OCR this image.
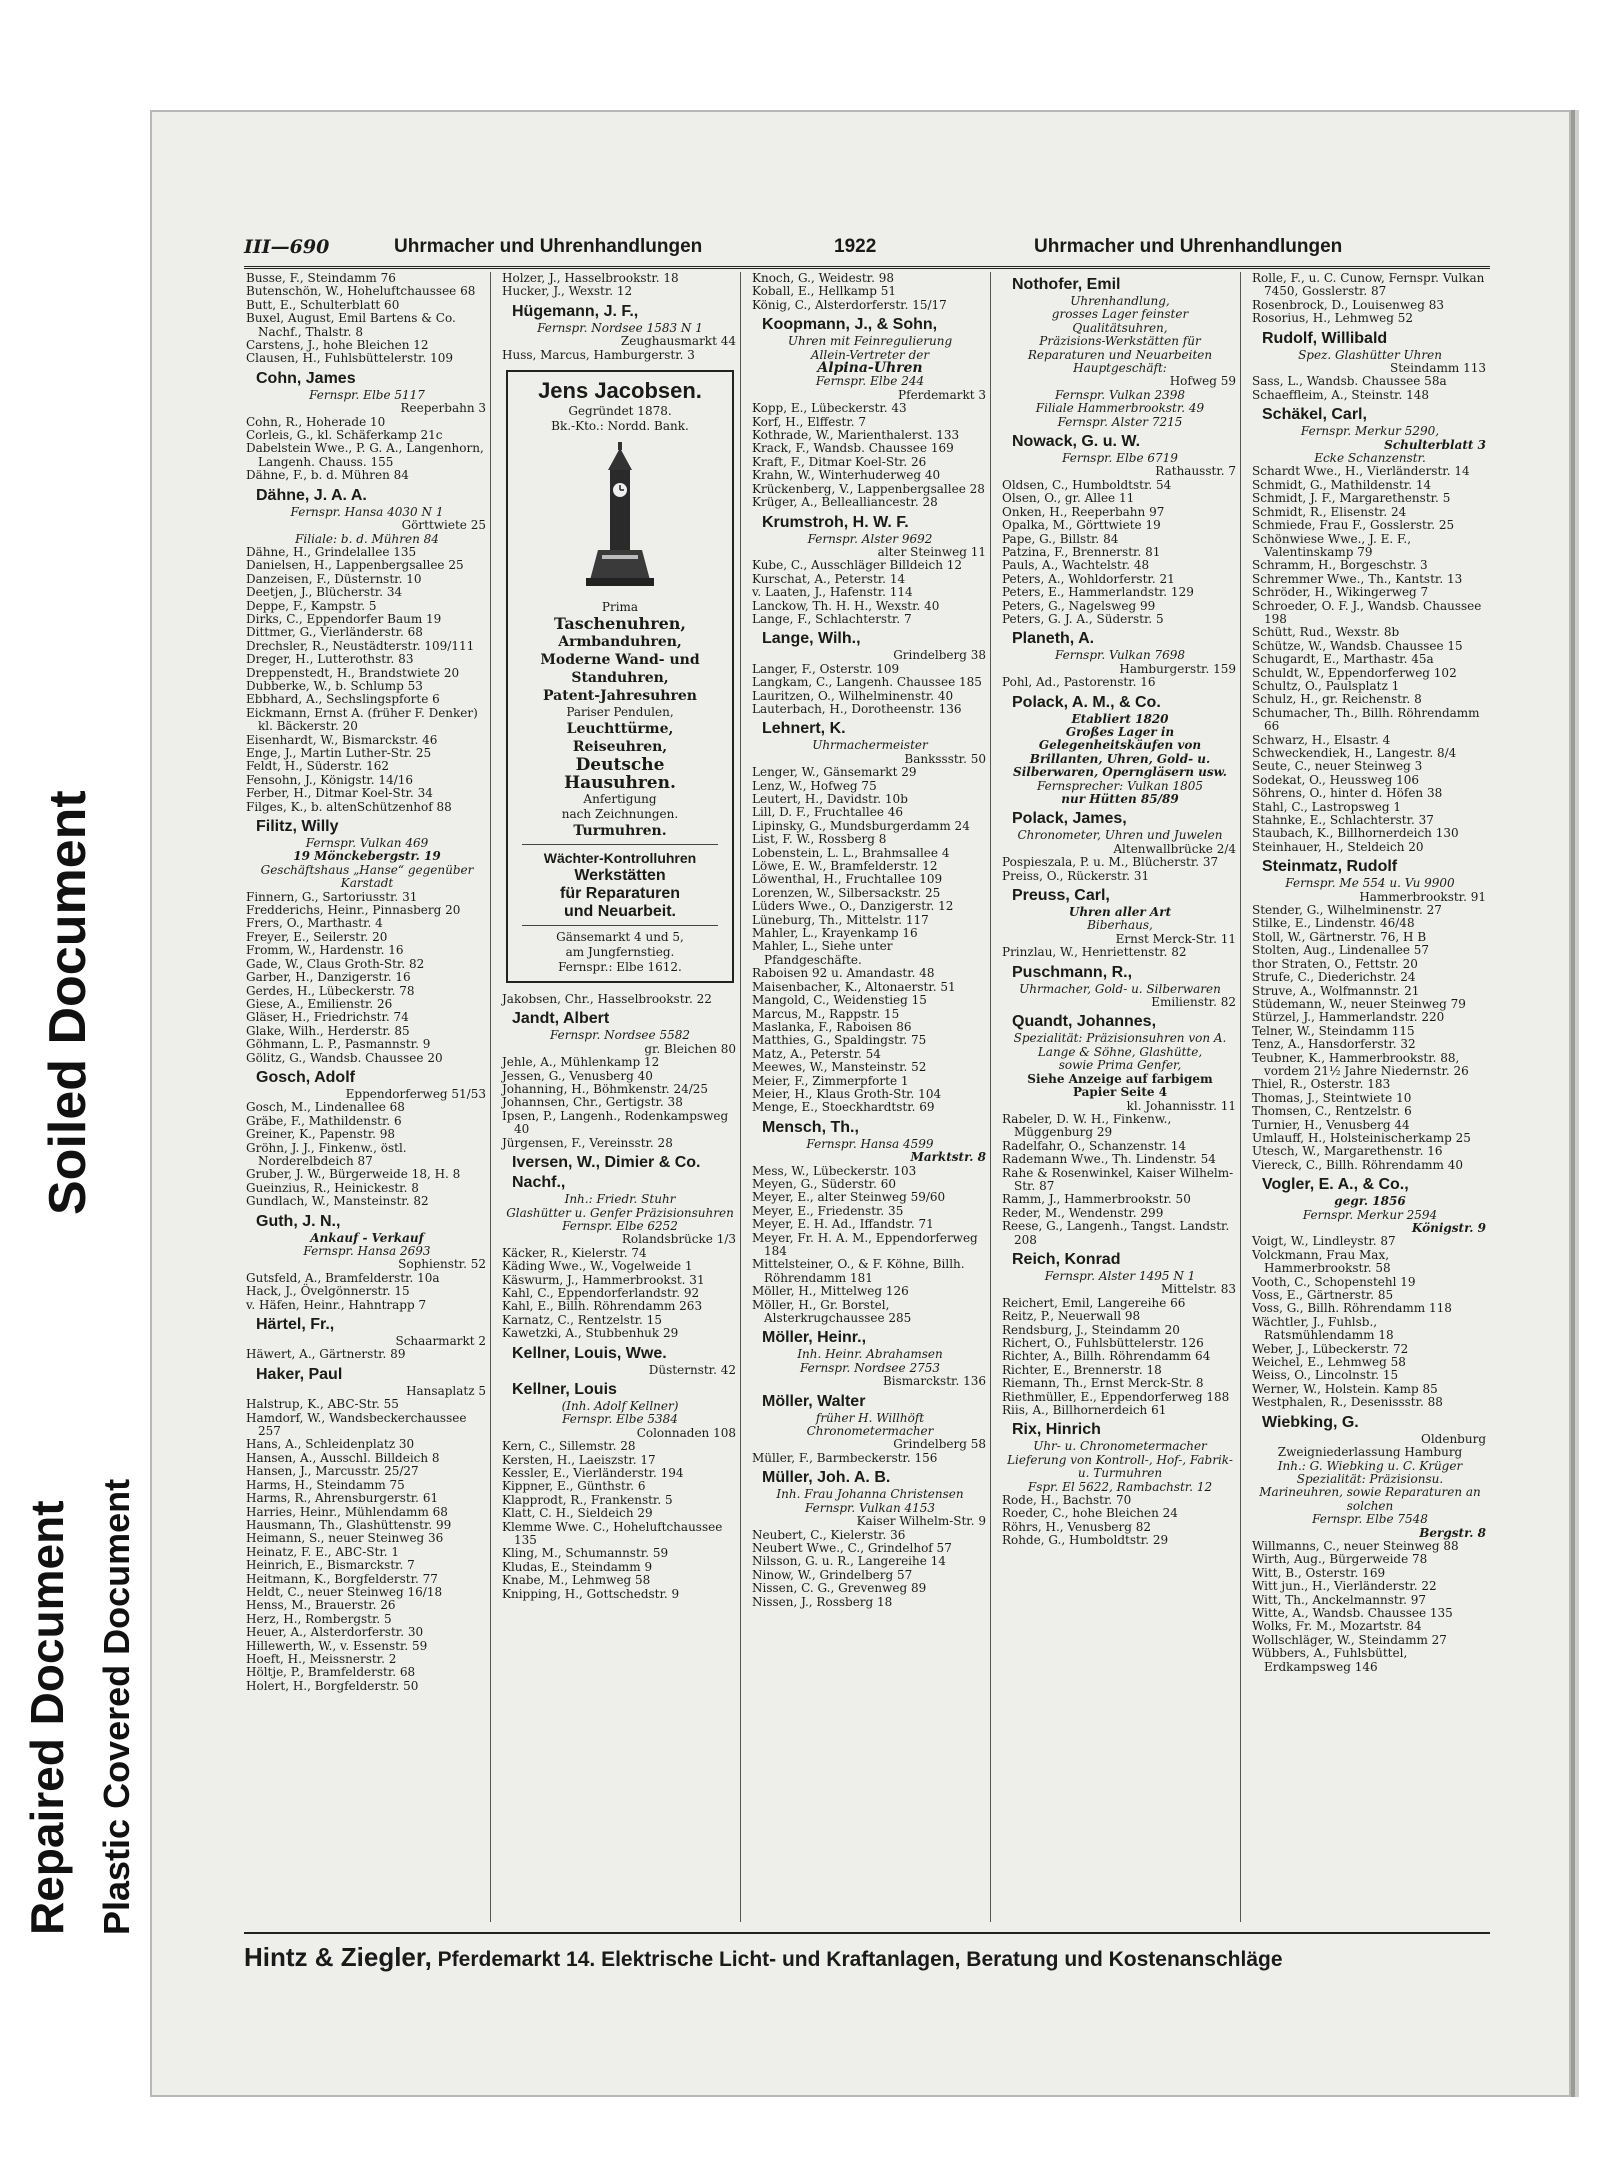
Soiled Document
Repaired Document Plastic Covered Document
III—690	Uhrmacher und Uhrenhandlungen	1922	Uhrmacher und Uhrenhandlungen
Busse, F., Steindamm 76
Butenschön, W., Hoheluftchaussee 68
Butt, E., Schulterblatt 60
Buxel, August, Emil Bartens & Co. Nachf., Thalstr. 8
Carstens, J., hohe Bleichen 12
Clausen, H., Fuhlsbüttelerstr. 109
Cohn, James
Fernspr. Elbe 5117
Reeperbahn 3
Cohn, R., Hoherade 10
Corleis, G., kl. Schäferkamp 21c
Dabelstein Wwe., P. G. A., Langenhorn, Langenh. Chauss. 155
Dähne, F., b. d. Mühren 84
Dähne, J. A. A.
Fernspr. Hansa 4030 N 1
Görttwiete 25
Filiale: b. d. Mühren 84
Dähne, H., Grindelallee 135
Danielsen, H., Lappenbergsallee 25
Danzeisen, F., Düsternstr. 10
Deetjen, J., Blücherstr. 34
Deppe, F., Kampstr. 5
Dirks, C., Eppendorfer Baum 19
Dittmer, G., Vierländerstr. 68
Drechsler, R., Neustädterstr. 109/111
Dreger, H., Lutterothstr. 83
Dreppenstedt, H., Brandstwiete 20
Dubberke, W., b. Schlump 53
Ebbhard, A., Sechslingspforte 6
Eickmann, Ernst A. (früher F. Denker) kl. Bäckerstr. 20
Eisenhardt, W., Bismarckstr. 46
Enge, J., Martin Luther-Str. 25
Feldt, H., Süderstr. 162
Fensohn, J., Königstr. 14/16
Ferber, H., Ditmar Koel-Str. 34
Filges, K., b. altenSchützenhof 88
Filitz, Willy
Fernspr. Vulkan 469
19 Mönckebergstr. 19
Geschäftshaus „Hanse“ gegenüber Karstadt
Finnern, G., Sartoriusstr. 31
Fredderichs, Heinr., Pinnasberg 20
Frers, O., Marthastr. 4
Freyer, E., Seilerstr. 20
Fromm, W., Hardenstr. 16
Gade, W., Claus Groth-Str. 82
Garber, H., Danzigerstr. 16
Gerdes, H., Lübeckerstr. 78
Giese, A., Emilienstr. 26
Gläser, H., Friedrichstr. 74
Glake, Wilh., Herderstr. 85
Göhmann, L. P., Pasmannstr. 9
Gölitz, G., Wandsb. Chaussee 20
Gosch, Adolf
Eppendorferweg 51/53
Gosch, M., Lindenallee 68
Gräbe, F., Mathildenstr. 6
Greiner, K., Papenstr. 98
Gröhn, J. J., Finkenw., östl. Norderelbdeich 87
Gruber, J. W., Bürgerweide 18, H. 8
Gueinzius, R., Heinickestr. 8
Gundlach, W., Mansteinstr. 82
Guth, J. N.,
Ankauf - Verkauf
Fernspr. Hansa 2693
Sophienstr. 52
Gutsfeld, A., Bramfelderstr. 10a
Hack, J., Övelgönnerstr. 15
v. Häfen, Heinr., Hahntrapp 7
Härtel, Fr.,
Schaarmarkt 2
Häwert, A., Gärtnerstr. 89
Haker, Paul
Hansaplatz 5
Halstrup, K., ABC-Str. 55
Hamdorf, W., Wandsbeckerchaussee 257
Hans, A., Schleidenplatz 30
Hansen, A., Ausschl. Billdeich 8
Hansen, J., Marcusstr. 25/27
Harms, H., Steindamm 75
Harms, R., Ahrensburgerstr. 61
Harries, Heinr., Mühlendamm 68
Hausmann, Th., Glashüttenstr. 99
Heimann, S., neuer Steinweg 36
Heinatz, F. E., ABC-Str. 1
Heinrich, E., Bismarckstr. 7
Heitmann, K., Borgfelderstr. 77
Heldt, C., neuer Steinweg 16/18
Henss, M., Brauerstr. 26
Herz, H., Rombergstr. 5
Heuer, A., Alsterdorferstr. 30
Hillewerth, W., v. Essenstr. 59
Hoeft, H., Meissnerstr. 2
Höltje, P., Bramfelderstr. 68
Holert, H., Borgfelderstr. 50
Holzer, J., Hasselbrookstr. 18
Hucker, J., Wexstr. 12
Hügemann, J. F.,
Fernspr. Nordsee 1583 N 1
Zeughausmarkt 44
Huss, Marcus, Hamburgerstr. 3
Jens Jacobsen.
Gegründet 1878.
Bk.-Kto.: Nordd. Bank.
Prima
Taschenuhren,
Armbanduhren,
Moderne Wand- und
Standuhren,
Patent-Jahresuhren
Pariser Pendulen,
Leuchttürme,
Reiseuhren,
Deutsche
Hausuhren.
Anfertigung
nach Zeichnungen.
Turmuhren.
Wächter-Kontrolluhren
Werkstätten
für Reparaturen
und Neuarbeit.
Gänsemarkt 4 und 5,
am Jungfernstieg.
Fernspr.: Elbe 1612.
Jakobsen, Chr., Hasselbrookstr. 22
Jandt, Albert
Fernspr. Nordsee 5582
gr. Bleichen 80
Jehle, A., Mühlenkamp 12
Jessen, G., Venusberg 40
Johanning, H., Böhmkenstr. 24/25
Johannsen, Chr., Gertigstr. 38
Ipsen, P., Langenh., Rodenkampsweg 40
Jürgensen, F., Vereinsstr. 28
Iversen, W., Dimier & Co. Nachf.,
Inh.: Friedr. Stuhr
Glashütter u. Genfer Präzisionsuhren
Fernspr. Elbe 6252
Rolandsbrücke 1/3
Käcker, R., Kielerstr. 74
Käding Wwe., W., Vogelweide 1
Käswurm, J., Hammerbrookst. 31
Kahl, C., Eppendorferlandstr. 92
Kahl, E., Billh. Röhrendamm 263
Karnatz, C., Rentzelstr. 15
Kawetzki, A., Stubbenhuk 29
Kellner, Louis, Wwe.
Düsternstr. 42
Kellner, Louis
(Inh. Adolf Kellner)
Fernspr. Elbe 5384
Colonnaden 108
Kern, C., Sillemstr. 28
Kersten, H., Laeiszstr. 17
Kessler, E., Vierländerstr. 194
Kippner, E., Günthstr. 6
Klapprodt, R., Frankenstr. 5
Klatt, C. H., Sieldeich 29
Klemme Wwe. C., Hoheluftchaussee 135
Kling, M., Schumannstr. 59
Kludas, E., Steindamm 9
Knabe, M., Lehmweg 58
Knipping, H., Gottschedstr. 9
Knoch, G., Weidestr. 98
Koball, E., Hellkamp 51
König, C., Alsterdorferstr. 15/17
Koopmann, J., & Sohn,
Uhren mit Feinregulierung
Allein-Vertreter der
Alpina-Uhren
Fernspr. Elbe 244
Pferdemarkt 3
Kopp, E., Lübeckerstr. 43
Korf, H., Elffestr. 7
Kothrade, W., Marienthalerst. 133
Krack, F., Wandsb. Chaussee 169
Kraft, F., Ditmar Koel-Str. 26
Krahn, W., Winterhuderweg 40
Krückenberg, V., Lappenbergsallee 28
Krüger, A., Bellealliancestr. 28
Krumstroh, H. W. F.
Fernspr. Alster 9692
alter Steinweg 11
Kube, C., Ausschläger Billdeich 12
Kurschat, A., Peterstr. 14
v. Laaten, J., Hafenstr. 114
Lanckow, Th. H. H., Wexstr. 40
Lange, F., Schlachterstr. 7
Lange, Wilh.,
Grindelberg 38
Langer, F., Osterstr. 109
Langkam, C., Langenh. Chaussee 185
Lauritzen, O., Wilhelminenstr. 40
Lauterbach, H., Dorotheenstr. 136
Lehnert, K.
Uhrmachermeister
Bankssstr. 50
Lenger, W., Gänsemarkt 29
Lenz, W., Hofweg 75
Leutert, H., Davidstr. 10b
Lill, D. F., Fruchtallee 46
Lipinsky, G., Mundsburgerdamm 24
List, F. W., Rossberg 8
Lobenstein, L. L., Brahmsallee 4
Löwe, E. W., Bramfelderstr. 12
Löwenthal, H., Fruchtallee 109
Lorenzen, W., Silbersackstr. 25
Lüders Wwe., O., Danzigerstr. 12
Lüneburg, Th., Mittelstr. 117
Mahler, L., Krayenkamp 16
Mahler, L., Siehe unter Pfandgeschäfte.
Raboisen 92 u. Amandastr. 48
Maisenbacher, K., Altonaerstr. 51
Mangold, C., Weidenstieg 15
Marcus, M., Rappstr. 15
Maslanka, F., Raboisen 86
Matthies, G., Spaldingstr. 75
Matz, A., Peterstr. 54
Meewes, W., Mansteinstr. 52
Meier, F., Zimmerpforte 1
Meier, H., Klaus Groth-Str. 104
Menge, E., Stoeckhardtstr. 69
Mensch, Th.,
Fernspr. Hansa 4599
Marktstr. 8
Mess, W., Lübeckerstr. 103
Meyen, G., Süderstr. 60
Meyer, E., alter Steinweg 59/60
Meyer, E., Friedenstr. 35
Meyer, E. H. Ad., Iffandstr. 71
Meyer, Fr. H. A. M., Eppendorferweg 184
Mittelsteiner, O., & F. Köhne, Billh. Röhrendamm 181
Möller, H., Mittelweg 126
Möller, H., Gr. Borstel, Alsterkrugchaussee 285
Möller, Heinr.,
Inh. Heinr. Abrahamsen
Fernspr. Nordsee 2753
Bismarckstr. 136
Möller, Walter
früher H. Willhöft
Chronometermacher
Grindelberg 58
Müller, F., Barmbeckerstr. 156
Müller, Joh. A. B.
Inh. Frau Johanna Christensen
Fernspr. Vulkan 4153
Kaiser Wilhelm-Str. 9
Neubert, C., Kielerstr. 36
Neubert Wwe., C., Grindelhof 57
Nilsson, G. u. R., Langereihe 14
Ninow, W., Grindelberg 57
Nissen, C. G., Grevenweg 89
Nissen, J., Rossberg 18
Nothofer, Emil
Uhrenhandlung,
grosses Lager feinster Qualitätsuhren,
Präzisions-Werkstätten für Reparaturen und Neuarbeiten
Hauptgeschäft:
Hofweg 59
Fernspr. Vulkan 2398
Filiale Hammerbrookstr. 49
Fernspr. Alster 7215
Nowack, G. u. W.
Fernspr. Elbe 6719
Rathausstr. 7
Oldsen, C., Humboldtstr. 54
Olsen, O., gr. Allee 11
Onken, H., Reeperbahn 97
Opalka, M., Görttwiete 19
Pape, G., Billstr. 84
Patzina, F., Brennerstr. 81
Pauls, A., Wachtelstr. 48
Peters, A., Wohldorferstr. 21
Peters, E., Hammerlandstr. 129
Peters, G., Nagelsweg 99
Peters, G. J. A., Süderstr. 5
Planeth, A.
Fernspr. Vulkan 7698
Hamburgerstr. 159
Pohl, Ad., Pastorenstr. 16
Polack, A. M., & Co.
Etabliert 1820
Großes Lager in Gelegenheitskäufen von Brillanten, Uhren, Gold- u. Silberwaren, Operngläsern usw.
Fernsprecher: Vulkan 1805
nur Hütten 85/89
Polack, James,
Chronometer, Uhren und Juwelen
Altenwallbrücke 2/4
Pospieszala, P. u. M., Blücherstr. 37
Preiss, O., Rückerstr. 31
Preuss, Carl,
Uhren aller Art
Biberhaus,
Ernst Merck-Str. 11
Prinzlau, W., Henriettenstr. 82
Puschmann, R.,
Uhrmacher, Gold- u. Silberwaren
Emilienstr. 82
Quandt, Johannes,
Spezialität: Präzisionsuhren von A. Lange & Söhne, Glashütte,
sowie Prima Genfer,
Siehe Anzeige auf farbigem Papier Seite 4
kl. Johannisstr. 11
Rabeler, D. W. H., Finkenw., Müggenburg 29
Radelfahr, O., Schanzenstr. 14
Rademann Wwe., Th. Lindenstr. 54
Rahe & Rosenwinkel, Kaiser Wilhelm-Str. 87
Ramm, J., Hammerbrookstr. 50
Reder, M., Wendenstr. 299
Reese, G., Langenh., Tangst. Landstr. 208
Reich, Konrad
Fernspr. Alster 1495 N 1
Mittelstr. 83
Reichert, Emil, Langereihe 66
Reitz, P., Neuerwall 98
Rendsburg, J., Steindamm 20
Richert, O., Fuhlsbüttelerstr. 126
Richter, A., Billh. Röhrendamm 64
Richter, E., Brennerstr. 18
Riemann, Th., Ernst Merck-Str. 8
Riethmüller, E., Eppendorferweg 188
Riis, A., Billhornerdeich 61
Rix, Hinrich
Uhr- u. Chronometermacher
Lieferung von Kontroll-, Hof-, Fabrik- u. Turmuhren
Fspr. El 5622, Rambachstr. 12
Rode, H., Bachstr. 70
Roeder, C., hohe Bleichen 24
Röhrs, H., Venusberg 82
Rohde, G., Humboldtstr. 29
Rolle, F., u. C. Cunow, Fernspr. Vulkan 7450, Gosslerstr. 87
Rosenbrock, D., Louisenweg 83
Rosorius, H., Lehmweg 52
Rudolf, Willibald
Spez. Glashütter Uhren
Steindamm 113
Sass, L., Wandsb. Chaussee 58a
Schaeffleim, A., Steinstr. 148
Schäkel, Carl,
Fernspr. Merkur 5290,
Schulterblatt 3
Ecke Schanzenstr.
Schardt Wwe., H., Vierländerstr. 14
Schmidt, G., Mathildenstr. 14
Schmidt, J. F., Margarethenstr. 5
Schmidt, R., Elisenstr. 24
Schmiede, Frau F., Gosslerstr. 25
Schönwiese Wwe., J. E. F., Valentinskamp 79
Schramm, H., Borgeschstr. 3
Schremmer Wwe., Th., Kantstr. 13
Schröder, H., Wikingerweg 7
Schroeder, O. F. J., Wandsb. Chaussee 198
Schütt, Rud., Wexstr. 8b
Schütze, W., Wandsb. Chaussee 15
Schugardt, E., Marthastr. 45a
Schuldt, W., Eppendorferweg 102
Schultz, O., Paulsplatz 1
Schulz, H., gr. Reichenstr. 8
Schumacher, Th., Billh. Röhrendamm 66
Schwarz, H., Elsastr. 4
Schweckendiek, H., Langestr. 8/4
Seute, C., neuer Steinweg 3
Sodekat, O., Heussweg 106
Söhrens, O., hinter d. Höfen 38
Stahl, C., Lastropsweg 1
Stahnke, E., Schlachterstr. 37
Staubach, K., Billhornerdeich 130
Steinhauer, H., Steldeich 20
Steinmatz, Rudolf
Fernspr. Me 554 u. Vu 9900
Hammerbrookstr. 91
Stender, G., Wilhelminenstr. 27
Stilke, E., Lindenstr. 46/48
Stoll, W., Gärtnerstr. 76, H B
Stolten, Aug., Lindenallee 57
thor Straten, O., Fettstr. 20
Strufe, C., Diederichstr. 24
Struve, A., Wolfmannstr. 21
Stüdemann, W., neuer Steinweg 79
Stürzel, J., Hammerlandstr. 220
Telner, W., Steindamm 115
Tenz, A., Hansdorferstr. 32
Teubner, K., Hammerbrookstr. 88, vordem 21½ Jahre Niedernstr. 26
Thiel, R., Osterstr. 183
Thomas, J., Steintwiete 10
Thomsen, C., Rentzelstr. 6
Turnier, H., Venusberg 44
Umlauff, H., Holsteinischerkamp 25
Utesch, W., Margarethenstr. 16
Viereck, C., Billh. Röhrendamm 40
Vogler, E. A., & Co.,
gegr. 1856
Fernspr. Merkur 2594
Königstr. 9
Voigt, W., Lindleystr. 87
Volckmann, Frau Max, Hammerbrookstr. 58
Vooth, C., Schopenstehl 19
Voss, E., Gärtnerstr. 85
Voss, G., Billh. Röhrendamm 118
Wächtler, J., Fuhlsb., Ratsmühlendamm 18
Weber, J., Lübeckerstr. 72
Weichel, E., Lehmweg 58
Weiss, O., Lincolnstr. 15
Werner, W., Holstein. Kamp 85
Westphalen, R., Desenissstr. 88
Wiebking, G.
Oldenburg
Zweigniederlassung Hamburg
Inh.: G. Wiebking u. C. Krüger
Spezialität: Präzisionsu. Marineuhren, sowie Reparaturen an solchen
Fernspr. Elbe 7548
Bergstr. 8
Willmanns, C., neuer Steinweg 88
Wirth, Aug., Bürgerweide 78
Witt, B., Osterstr. 169
Witt jun., H., Vierländerstr. 22
Witt, Th., Anckelmannstr. 97
Witte, A., Wandsb. Chaussee 135
Wolks, Fr. M., Mozartstr. 84
Wollschläger, W., Steindamm 27
Wübbers, A., Fuhlsbüttel, Erdkampsweg 146
Hintz & Ziegler, Pferdemarkt 14. Elektrische Licht- und Kraftanlagen, Beratung und Kostenanschläge
